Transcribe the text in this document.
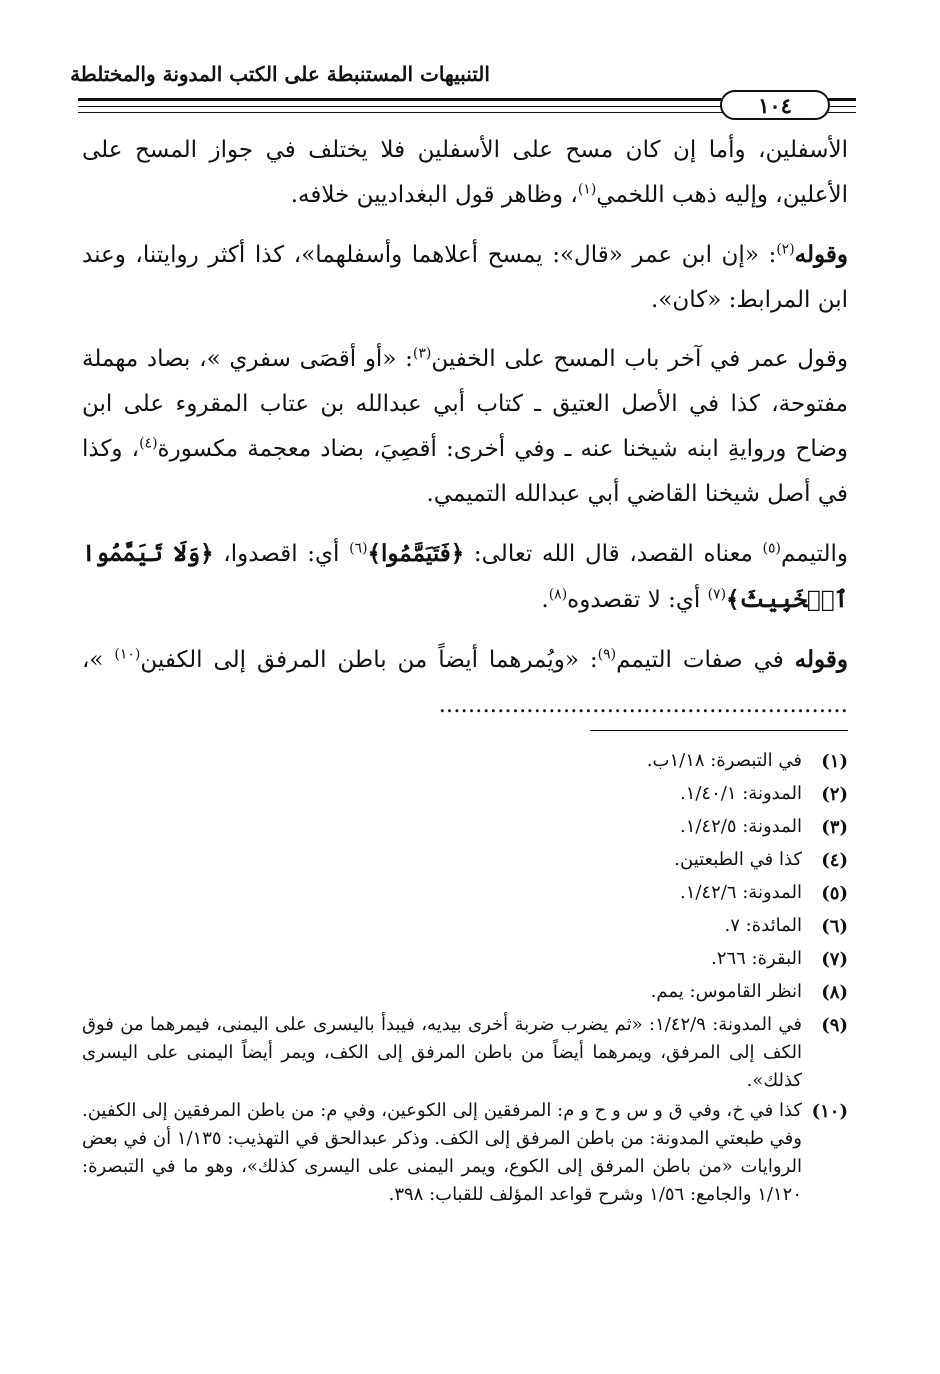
التنبيهات المستنبطة على الكتب المدونة والمختلطة
١٠٤

الأسفلين، وأما إن كان مسح على الأسفلين فلا يختلف في جواز المسح على الأعلين، وإليه ذهب اللخمي$^{(١)}$، وظاهر قول البغداديين خلافه.

وقوله$^{(٢)}$: «إن ابن عمر «قال»: يمسح أعلاهما وأسفلهما»، كذا أكثر روايتنا، وعند ابن المرابط: «كان».

وقول عمر في آخر باب المسح على الخفين$^{(٣)}$: «أو أقصَى سفري »، بصاد مهملة مفتوحة، كذا في الأصل العتيق ـ كتاب أبي عبدالله بن عتاب المقروء على ابن وضاح وروايةِ ابنه شيخنا عنه ـ وفي أخرى: أقصِيَ، بضاد معجمة مكسورة$^{(٤)}$، وكذا في أصل شيخنا القاضي أبي عبدالله التميمي.

والتيمم$^{(٥)}$ معناه القصد، قال الله تعالى: ﴿فَتَيَمَّمُوا﴾$^{(٦)}$ أي: اقصدوا، ﴿وَلَا تَيَمَّمُوا ٱلۡخَبِيثَ﴾$^{(٧)}$ أي: لا تقصدوه$^{(٨)}$.

وقوله في صفات التيمم$^{(٩)}$: «ويُمرهما أيضاً من باطن المرفق إلى الكفين$^{(١٠)}$ »، ........................................................

(١)
في التبصرة: ١/١٨ب.
(٢)
المدونة: ١/٤٠/١.
(٣)
المدونة: ١/٤٢/٥.
(٤)
كذا في الطبعتين.
(٥)
المدونة: ١/٤٢/٦.
(٦)
المائدة: ٧.
(٧)
البقرة: ٢٦٦.
(٨)
انظر القاموس: يمم.
(٩)
في المدونة: ١/٤٢/٩: «ثم يضرب ضربة أخرى بيديه، فيبدأ باليسرى على اليمنى، فيمرهما من فوق الكف إلى المرفق، ويمرهما أيضاً من باطن المرفق إلى الكف، ويمر أيضاً اليمنى على اليسرى كذلك».
(١٠)
كذا في خ، وفي ق و س و ح و م: المرفقين إلى الكوعين، وفي م: من باطن المرفقين إلى الكفين. وفي طبعتي المدونة: من باطن المرفق إلى الكف. وذكر عبدالحق في التهذيب: ١/١٣٥ أن في بعض الروايات «من باطن المرفق إلى الكوع، ويمر اليمنى على اليسرى كذلك»، وهو ما في التبصرة: ١/١٢٠ والجامع: ١/٥٦ وشرح قواعد المؤلف للقباب: ٣٩٨.
